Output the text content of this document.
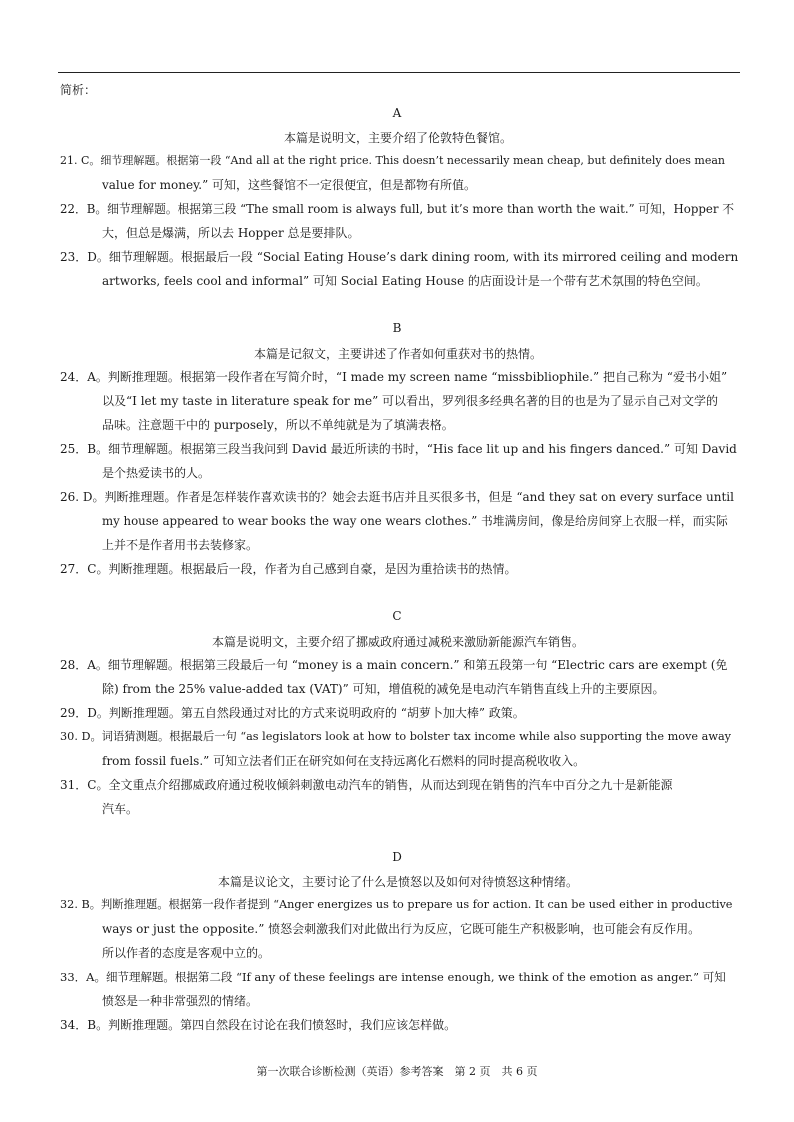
简析：
A
本篇是说明文，主要介绍了伦敦特色餐馆。
21. C。细节理解题。根据第一段 “And all at the right price. This doesn’t necessarily mean cheap, but definitely does mean
value for money.” 可知，这些餐馆不一定很便宜，但是都物有所值。
22．B。细节理解题。根据第三段 “The small room is always full, but it’s more than worth the wait.” 可知，Hopper 不
大，但总是爆满，所以去 Hopper 总是要排队。
23．D。细节理解题。根据最后一段 “Social Eating House’s dark dining room, with its mirrored ceiling and modern
artworks, feels cool and informal” 可知 Social Eating House 的店面设计是一个带有艺术氛围的特色空间。
B
本篇是记叙文，主要讲述了作者如何重获对书的热情。
24．A。判断推理题。根据第一段作者在写简介时，“I made my screen name “missbibliophile.” 把自己称为 “爱书小姐”
以及“I let my taste in literature speak for me” 可以看出，罗列很多经典名著的目的也是为了显示自己对文学的
品味。注意题干中的 purposely，所以不单纯就是为了填满表格。
25．B。细节理解题。根据第三段当我问到 David 最近所读的书时，“His face lit up and his fingers danced.” 可知 David
是个热爱读书的人。
26. D。判断推理题。作者是怎样装作喜欢读书的？她会去逛书店并且买很多书，但是 “and they sat on every surface until
my house appeared to wear books the way one wears clothes.” 书堆满房间，像是给房间穿上衣服一样，而实际
上并不是作者用书去装修家。
27．C。判断推理题。根据最后一段，作者为自己感到自豪，是因为重拾读书的热情。
C
本篇是说明文，主要介绍了挪威政府通过减税来激励新能源汽车销售。
28．A。细节理解题。根据第三段最后一句 “money is a main concern.” 和第五段第一句 “Electric cars are exempt (免
除) from the 25% value-added tax (VAT)” 可知，增值税的减免是电动汽车销售直线上升的主要原因。
29．D。判断推理题。第五自然段通过对比的方式来说明政府的 “胡萝卜加大棒” 政策。
30. D。词语猜测题。根据最后一句 “as legislators look at how to bolster tax income while also supporting the move away
from fossil fuels.” 可知立法者们正在研究如何在支持远离化石燃料的同时提高税收收入。
31．C。全文重点介绍挪威政府通过税收倾斜刺激电动汽车的销售，从而达到现在销售的汽车中百分之九十是新能源
汽车。
D
本篇是议论文，主要讨论了什么是愤怒以及如何对待愤怒这种情绪。
32. B。判断推理题。根据第一段作者提到 “Anger energizes us to prepare us for action. It can be used either in productive
ways or just the opposite.” 愤怒会刺激我们对此做出行为反应，它既可能生产积极影响，也可能会有反作用。
所以作者的态度是客观中立的。
33．A。细节理解题。根据第二段 “If any of these feelings are intense enough, we think of the emotion as anger.” 可知
愤怒是一种非常强烈的情绪。
34．B。判断推理题。第四自然段在讨论在我们愤怒时，我们应该怎样做。
第一次联合诊断检测（英语）参考答案　第 2 页　共 6 页
